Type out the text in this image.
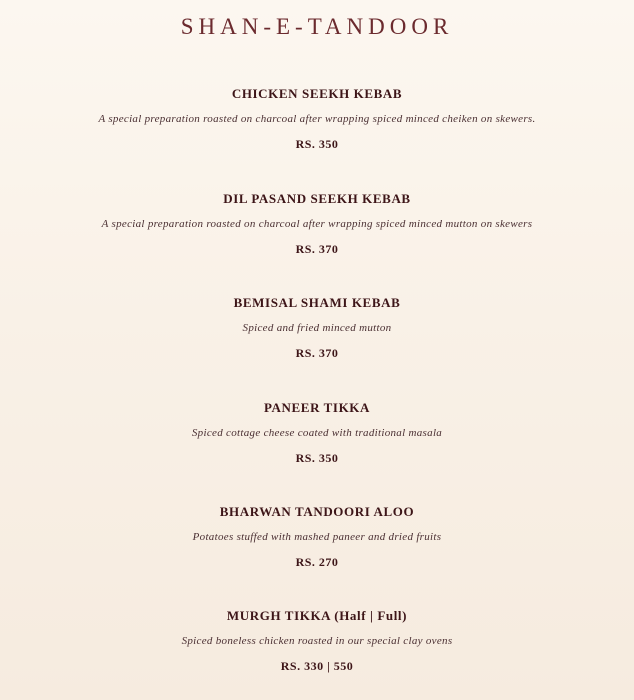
SHAN-E-TANDOOR
CHICKEN SEEKH KEBAB
A special preparation roasted on charcoal after wrapping spiced minced cheiken on skewers.
RS. 350
DIL PASAND SEEKH KEBAB
A special preparation roasted on charcoal after wrapping spiced minced mutton on skewers
RS. 370
BEMISAL SHAMI KEBAB
Spiced and fried minced mutton
RS. 370
PANEER TIKKA
Spiced cottage cheese coated with traditional masala
RS. 350
BHARWAN TANDOORI ALOO
Potatoes stuffed with mashed paneer and dried fruits
RS. 270
MURGH TIKKA (Half | Full)
Spiced boneless chicken roasted in our special clay ovens
RS. 330 | 550
